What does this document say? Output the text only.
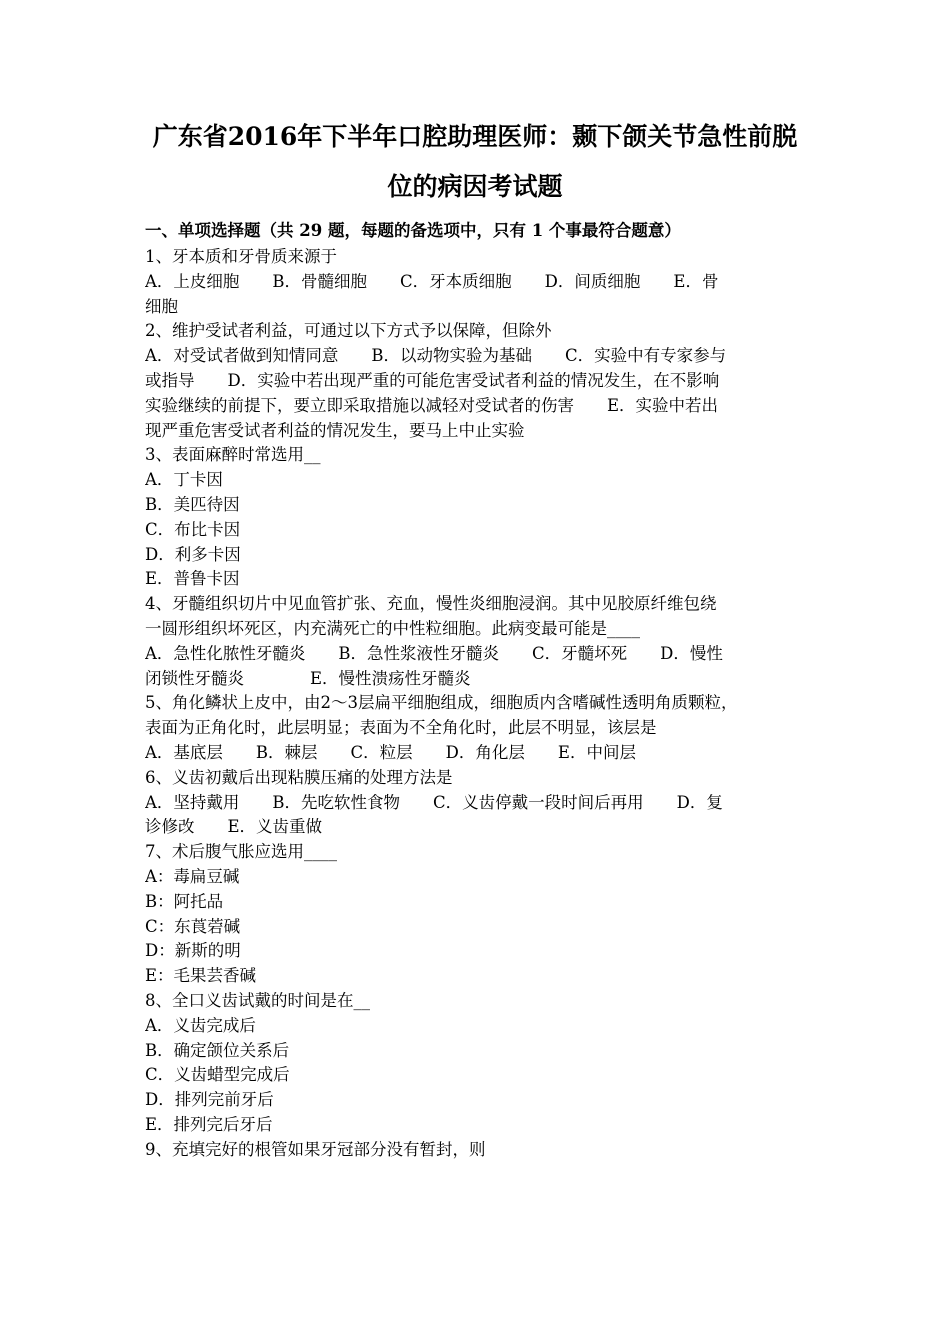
广东省2016年下半年口腔助理医师：颞下颌关节急性前脱
位的病因考试题
一、单项选择题（共 29 题，每题的备选项中，只有 1 个事最符合题意）
1、牙本质和牙骨质来源于
A．上皮细胞　　B．骨髓细胞　　C．牙本质细胞　　D．间质细胞　　E．骨
细胞
2、维护受试者利益，可通过以下方式予以保障，但除外
A．对受试者做到知情同意　　B．以动物实验为基础　　C．实验中有专家参与
或指导　　D．实验中若出现严重的可能危害受试者利益的情况发生，在不影响
实验继续的前提下，要立即采取措施以减轻对受试者的伤害　　E．实验中若出
现严重危害受试者利益的情况发生，要马上中止实验
3、表面麻醉时常选用__
A．丁卡因
B．美匹待因
C．布比卡因
D．利多卡因
E．普鲁卡因
4、牙髓组织切片中见血管扩张、充血，慢性炎细胞浸润。其中见胶原纤维包绕
一圆形组织坏死区，内充满死亡的中性粒细胞。此病变最可能是____
A．急性化脓性牙髓炎　　B．急性浆液性牙髓炎　　C．牙髓坏死　　D．慢性
闭锁性牙髓炎　　　　E．慢性溃疡性牙髓炎
5、角化鳞状上皮中，由2～3层扁平细胞组成，细胞质内含嗜碱性透明角质颗粒，
表面为正角化时，此层明显；表面为不全角化时，此层不明显，该层是
A．基底层　　B．棘层　　C．粒层　　D．角化层　　E．中间层
6、义齿初戴后出现粘膜压痛的处理方法是
A．坚持戴用　　B．先吃软性食物　　C．义齿停戴一段时间后再用　　D．复
诊修改　　E．义齿重做
7、术后腹气胀应选用____
A：毒扁豆碱
B：阿托品
C：东莨菪碱
D：新斯的明
E：毛果芸香碱
8、全口义齿试戴的时间是在__
A．义齿完成后
B．确定颌位关系后
C．义齿蜡型完成后
D．排列完前牙后
E．排列完后牙后
9、充填完好的根管如果牙冠部分没有暂封，则
